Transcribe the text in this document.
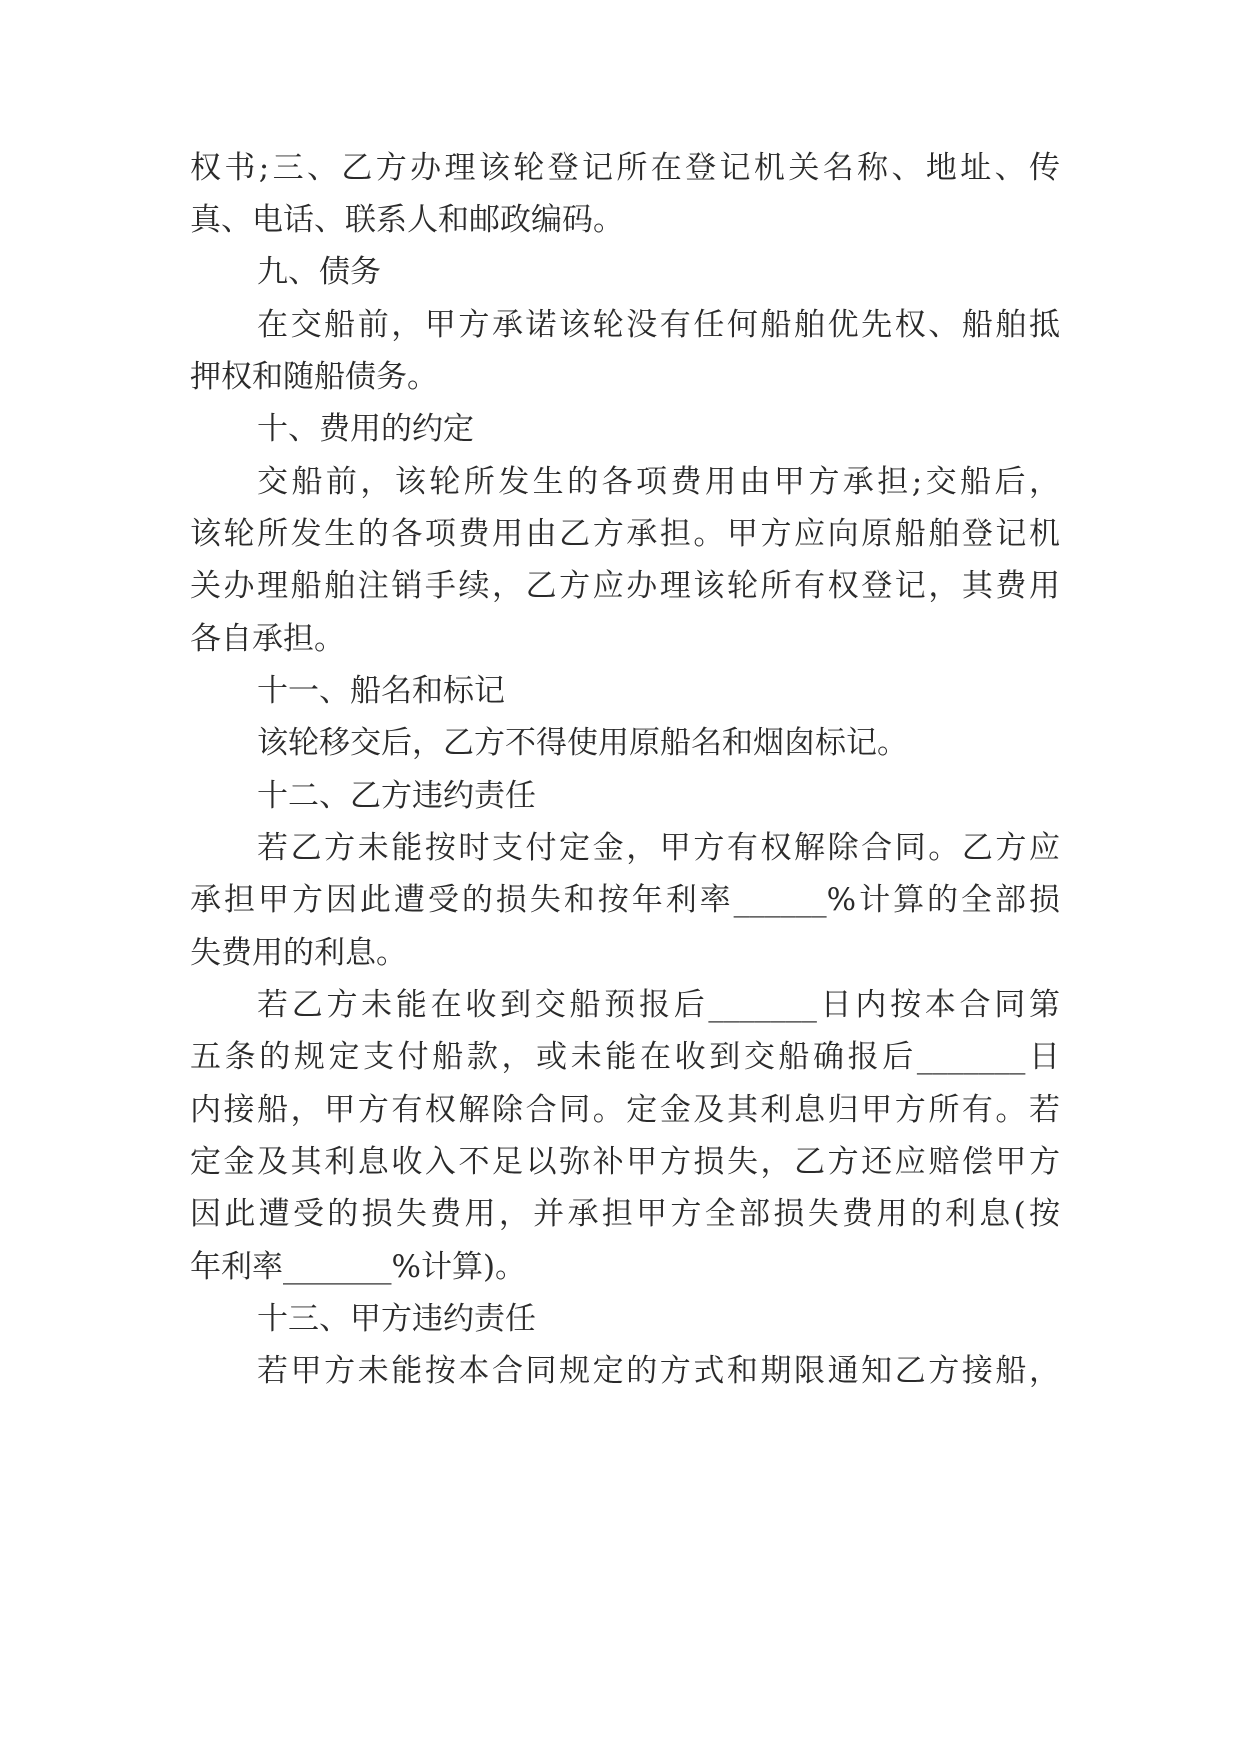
权书;三、乙方办理该轮登记所在登记机关名称、地址、传
真、电话、联系人和邮政编码。
九、债务
在交船前，甲方承诺该轮没有任何船舶优先权、船舶抵
押权和随船债务。
十、费用的约定
交船前，该轮所发生的各项费用由甲方承担;交船后，
该轮所发生的各项费用由乙方承担。甲方应向原船舶登记机
关办理船舶注销手续，乙方应办理该轮所有权登记，其费用
各自承担。
十一、船名和标记
该轮移交后，乙方不得使用原船名和烟囱标记。
十二、乙方违约责任
若乙方未能按时支付定金，甲方有权解除合同。乙方应
承担甲方因此遭受的损失和按年利率______%计算的全部损
失费用的利息。
若乙方未能在收到交船预报后_______日内按本合同第
五条的规定支付船款，或未能在收到交船确报后_______日
内接船，甲方有权解除合同。定金及其利息归甲方所有。若
定金及其利息收入不足以弥补甲方损失，乙方还应赔偿甲方
因此遭受的损失费用，并承担甲方全部损失费用的利息(按
年利率_______%计算)。
十三、甲方违约责任
若甲方未能按本合同规定的方式和期限通知乙方接船，
